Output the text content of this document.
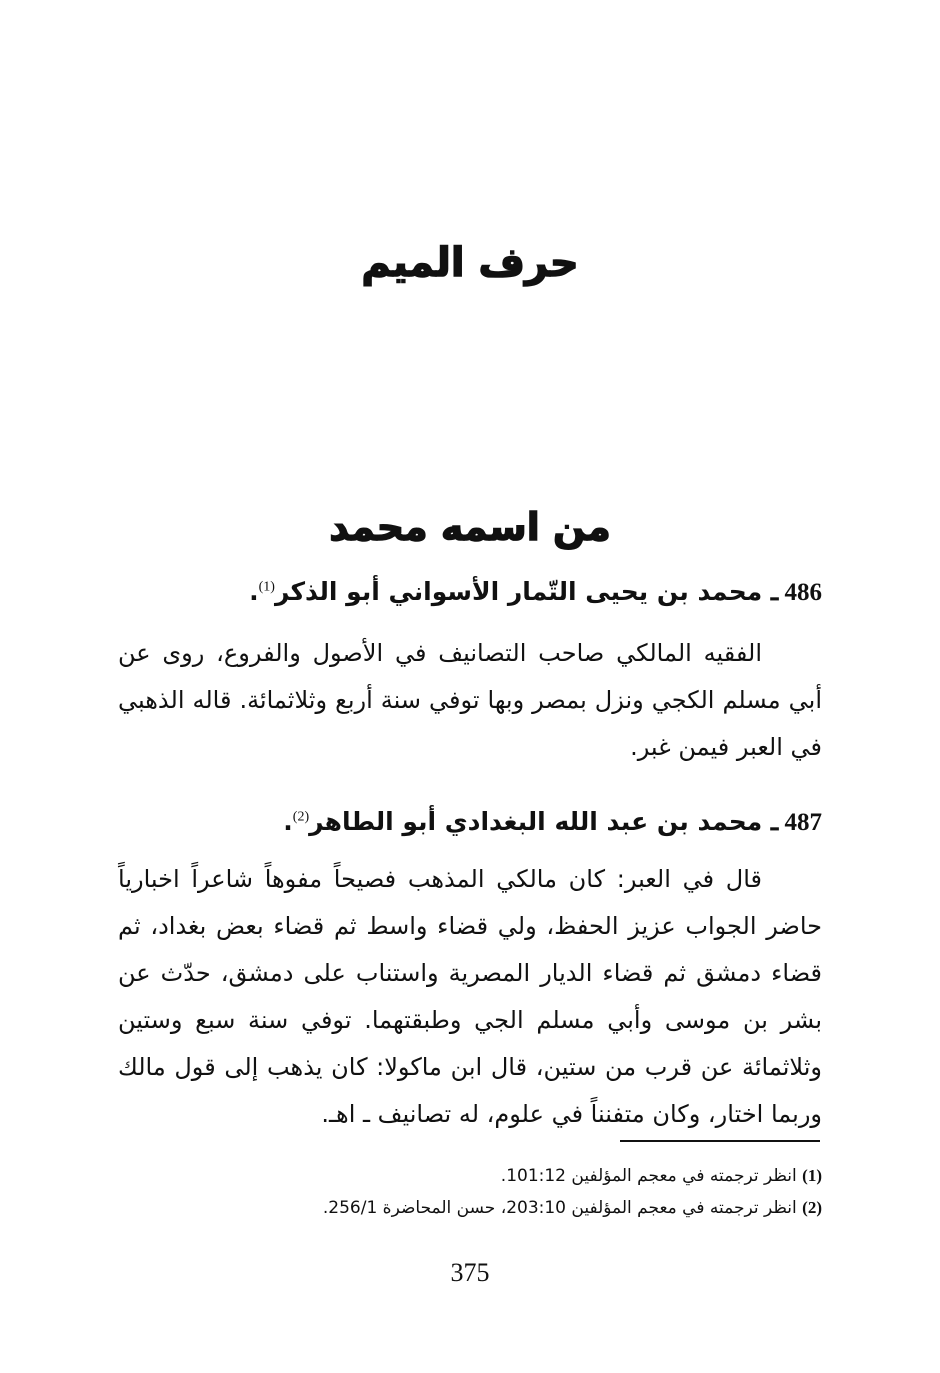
حرف الميم
من اسمه محمد
486 ـ محمد بن يحيى التّمار الأسواني أبو الذكر$^{(1)}$.
الفقيه المالكي صاحب التصانيف في الأصول والفروع، روى عن أبي مسلم الكجي ونزل بمصر وبها توفي سنة أربع وثلاثمائة. قاله الذهبي في العبر فيمن غبر.
487 ـ محمد بن عبد الله البغدادي أبو الطاهر$^{(2)}$.
قال في العبر: كان مالكي المذهب فصيحاً مفوهاً شاعراً اخبارياً حاضر الجواب عزيز الحفظ، ولي قضاء واسط ثم قضاء بعض بغداد، ثم قضاء دمشق ثم قضاء الديار المصرية واستناب على دمشق، حدّث عن بشر بن موسى وأبي مسلم الجي وطبقتهما. توفي سنة سبع وستين وثلاثمائة عن قرب من ستين، قال ابن ماكولا: كان يذهب إلى قول مالك وربما اختار، وكان متفنناً في علوم، له تصانيف ـ اهـ.
(1) انظر ترجمته في معجم المؤلفين 101:12.
(2) انظر ترجمته في معجم المؤلفين 203:10، حسن المحاضرة 256/1.
375
